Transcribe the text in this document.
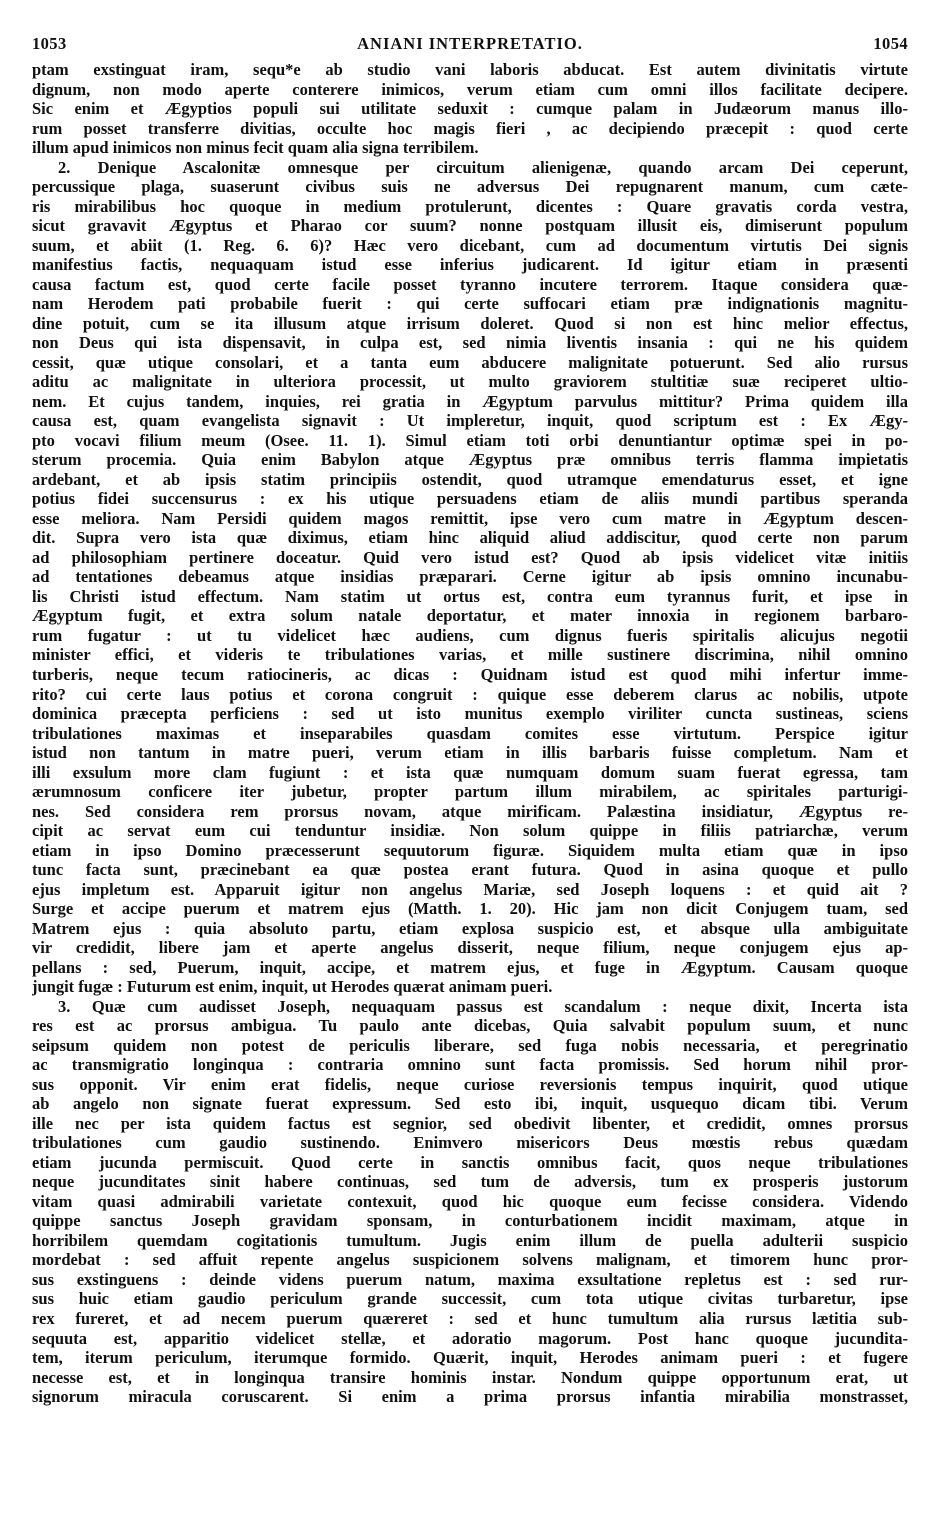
1053	ANIANI INTERPRETATIO.	1054
ptam exstinguat iram, sequ*e ab studio vani laboris abducat. Est autem divinitatis virtute
dignum, non modo aperte conterere inimicos, verum etiam cum omni illos facilitate decipere.
Sic enim et Ægyptios populi sui utilitate seduxit : cumque palam in Judæorum manus illo-
rum posset transferre divitias, occulte hoc magis fieri , ac decipiendo præcepit : quod certe
illum apud inimicos non minus fecit quam alia signa terribilem.
2. Denique Ascalonitæ omnesque per circuitum alienigenæ, quando arcam Dei ceperunt,
percussique plaga, suaserunt civibus suis ne adversus Dei repugnarent manum, cum cæte-
ris mirabilibus hoc quoque in medium protulerunt, dicentes : Quare gravatis corda vestra,
sicut gravavit Ægyptus et Pharao cor suum? nonne postquam illusit eis, dimiserunt populum
suum, et abiit (1. Reg. 6. 6)? Hæc vero dicebant, cum ad documentum virtutis Dei signis
manifestius factis, nequaquam istud esse inferius judicarent. Id igitur etiam in præsenti
causa factum est, quod certe facile posset tyranno incutere terrorem. Itaque considera quæ-
nam Herodem pati probabile fuerit : qui certe suffocari etiam præ indignationis magnitu-
dine potuit, cum se ita illusum atque irrisum doleret. Quod si non est hinc melior effectus,
non Deus qui ista dispensavit, in culpa est, sed nimia liventis insania : qui ne his quidem
cessit, quæ utique consolari, et a tanta eum abducere malignitate potuerunt. Sed alio rursus
aditu ac malignitate in ulteriora processit, ut multo graviorem stultitiæ suæ reciperet ultio-
nem. Et cujus tandem, inquies, rei gratia in Ægyptum parvulus mittitur? Prima quidem illa
causa est, quam evangelista signavit : Ut impleretur, inquit, quod scriptum est : Ex Ægy-
pto vocavi filium meum (Osee. 11. 1). Simul etiam toti orbi denuntiantur optimæ spei in po-
sterum procemia. Quia enim Babylon atque Ægyptus præ omnibus terris flamma impietatis
ardebant, et ab ipsis statim principiis ostendit, quod utramque emendaturus esset, et igne
potius fidei succensurus : ex his utique persuadens etiam de aliis mundi partibus speranda
esse meliora. Nam Persidi quidem magos remittit, ipse vero cum matre in Ægyptum descen-
dit. Supra vero ista quæ diximus, etiam hinc aliquid aliud addiscitur, quod certe non parum
ad philosophiam pertinere doceatur. Quid vero istud est? Quod ab ipsis videlicet vitæ initiis
ad tentationes debeamus atque insidias præparari. Cerne igitur ab ipsis omnino incunabu-
lis Christi istud effectum. Nam statim ut ortus est, contra eum tyrannus furit, et ipse in
Ægyptum fugit, et extra solum natale deportatur, et mater innoxia in regionem barbaro-
rum fugatur : ut tu videlicet hæc audiens, cum dignus fueris spiritalis alicujus negotii
minister effici, et videris te tribulationes varias, et mille sustinere discrimina, nihil omnino
turberis, neque tecum ratiocineris, ac dicas : Quidnam istud est quod mihi infertur imme-
rito? cui certe laus potius et corona congruit : quique esse deberem clarus ac nobilis, utpote
dominica præcepta perficiens : sed ut isto munitus exemplo viriliter cuncta sustineas, sciens
tribulationes maximas et inseparabiles quasdam comites esse virtutum. Perspice igitur
istud non tantum in matre pueri, verum etiam in illis barbaris fuisse completum. Nam et
illi exsulum more clam fugiunt : et ista quæ numquam domum suam fuerat egressa, tam
ærumnosum conficere iter jubetur, propter partum illum mirabilem, ac spiritales parturigi-
nes. Sed considera rem prorsus novam, atque mirificam. Palæstina insidiatur, Ægyptus re-
cipit ac servat eum cui tenduntur insidiæ. Non solum quippe in filiis patriarchæ, verum
etiam in ipso Domino præcesserunt sequutorum figuræ. Siquidem multa etiam quæ in ipso
tunc facta sunt, præcinebant ea quæ postea erant futura. Quod in asina quoque et pullo
ejus impletum est. Apparuit igitur non angelus Mariæ, sed Joseph loquens : et quid ait ?
Surge et accipe puerum et matrem ejus (Matth. 1. 20). Hic jam non dicit Conjugem tuam, sed
Matrem ejus : quia absoluto partu, etiam explosa suspicio est, et absque ulla ambiguitate
vir credidit, libere jam et aperte angelus disserit, neque filium, neque conjugem ejus ap-
pellans : sed, Puerum, inquit, accipe, et matrem ejus, et fuge in Ægyptum. Causam quoque
jungit fugæ : Futurum est enim, inquit, ut Herodes quærat animam pueri.
3. Quæ cum audisset Joseph, nequaquam passus est scandalum : neque dixit, Incerta ista
res est ac prorsus ambigua. Tu paulo ante dicebas, Quia salvabit populum suum, et nunc
seipsum quidem non potest de periculis liberare, sed fuga nobis necessaria, et peregrinatio
ac transmigratio longinqua : contraria omnino sunt facta promissis. Sed horum nihil pror-
sus opponit. Vir enim erat fidelis, neque curiose reversionis tempus inquirit, quod utique
ab angelo non signate fuerat expressum. Sed esto ibi, inquit, usquequo dicam tibi. Verum
ille nec per ista quidem factus est segnior, sed obedivit libenter, et credidit, omnes prorsus
tribulationes cum gaudio sustinendo. Enimvero misericors Deus mœstis rebus quædam
etiam jucunda permiscuit. Quod certe in sanctis omnibus facit, quos neque tribulationes
neque jucunditates sinit habere continuas, sed tum de adversis, tum ex prosperis justorum
vitam quasi admirabili varietate contexuit, quod hic quoque eum fecisse considera. Videndo
quippe sanctus Joseph gravidam sponsam, in conturbationem incidit maximam, atque in
horribilem quemdam cogitationis tumultum. Jugis enim illum de puella adulterii suspicio
mordebat : sed affuit repente angelus suspicionem solvens malignam, et timorem hunc pror-
sus exstinguens : deinde videns puerum natum, maxima exsultatione repletus est : sed rur-
sus huic etiam gaudio periculum grande successit, cum tota utique civitas turbaretur, ipse
rex fureret, et ad necem puerum quæreret : sed et hunc tumultum alia rursus lætitia sub-
sequuta est, apparitio videlicet stellæ, et adoratio magorum. Post hanc quoque jucundita-
tem, iterum periculum, iterumque formido. Quærit, inquit, Herodes animam pueri : et fugere
necesse est, et in longinqua transire hominis instar. Nondum quippe opportunum erat, ut
signorum miracula coruscarent. Si enim a prima prorsus infantia mirabilia monstrasset,
